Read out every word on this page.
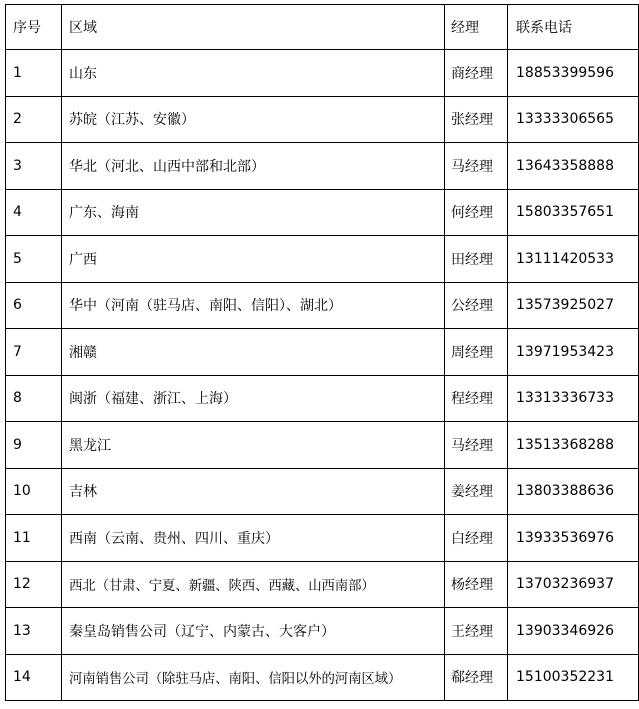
序号	区域	经理	联系电话
1	山东	商经理	18853399596
2	苏皖（江苏、安徽）	张经理	13333306565
3	华北（河北、山西中部和北部）	马经理	13643358888
4	广东、海南	何经理	15803357651
5	广西	田经理	13111420533
6	华中（河南（驻马店、南阳、信阳）、湖北）	公经理	13573925027
7	湘赣	周经理	13971953423
8	闽浙（福建、浙江、上海）	程经理	13313336733
9	黑龙江	马经理	13513368288
10	吉林	姜经理	13803388636
11	西南（云南、贵州、四川、重庆）	白经理	13933536976
12	西北（甘肃、宁夏、新疆、陕西、西藏、山西南部）	杨经理	13703236937
13	秦皇岛销售公司（辽宁、内蒙古、大客户）	王经理	13903346926
14	河南销售公司（除驻马店、南阳、信阳以外的河南区域）	郗经理	15100352231
